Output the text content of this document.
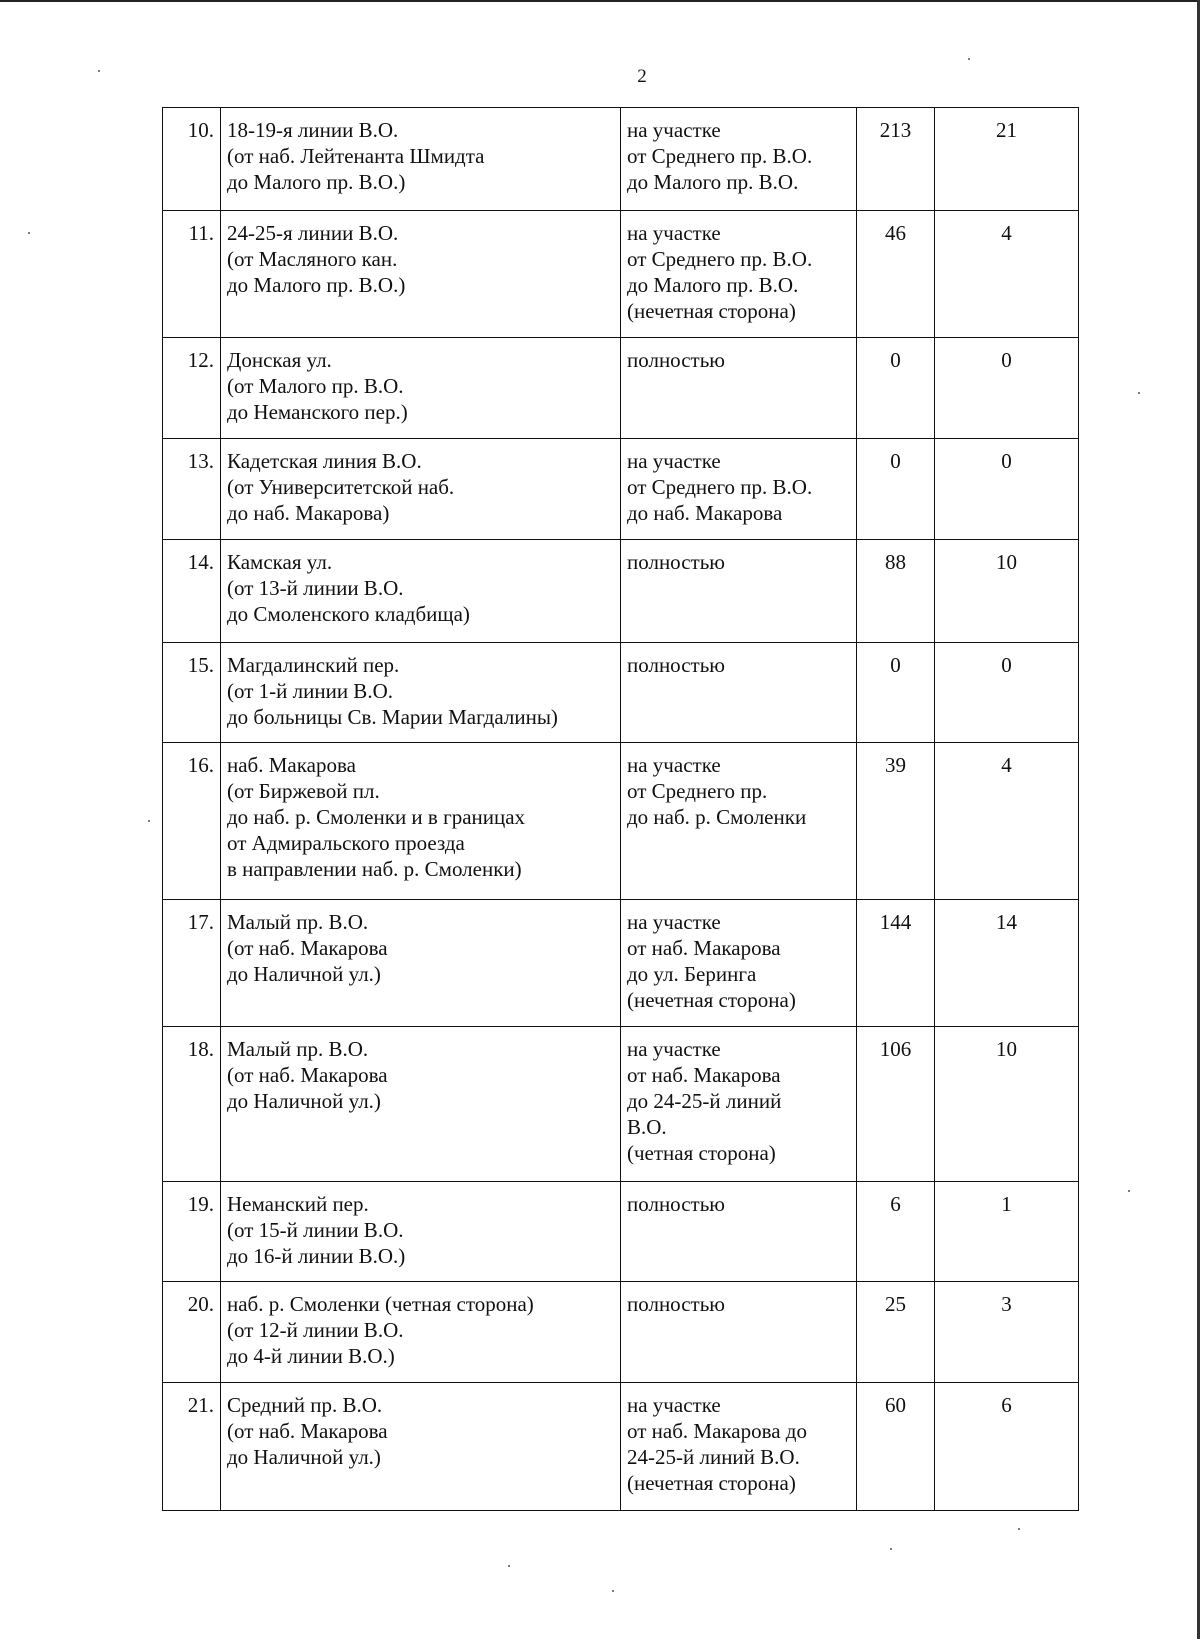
2
10.	18-19-я линии В.О.
(от наб. Лейтенанта Шмидта
до Малого пр. В.О.)	на участке
от Среднего пр. В.О.
до Малого пр. В.О.	213	21
11.	24-25-я линии В.О.
(от Масляного кан.
до Малого пр. В.О.)	на участке
от Среднего пр. В.О.
до Малого пр. В.О.
(нечетная сторона)	46	4
12.	Донская ул.
(от Малого пр. В.О.
до Неманского пер.)	полностью	0	0
13.	Кадетская линия В.О.
(от Университетской наб.
до наб. Макарова)	на участке
от Среднего пр. В.О.
до наб. Макарова	0	0
14.	Камская ул.
(от 13-й линии В.О.
до Смоленского кладбища)	полностью	88	10
15.	Магдалинский пер.
(от 1-й линии В.О.
до больницы Св. Марии Магдалины)	полностью	0	0
16.	наб. Макарова
(от Биржевой пл.
до наб. р. Смоленки и в границах
от Адмиральского проезда
в направлении наб. р. Смоленки)	на участке
от Среднего пр.
до наб. р. Смоленки	39	4
17.	Малый пр. В.О.
(от наб. Макарова
до Наличной ул.)	на участке
от наб. Макарова
до ул. Беринга
(нечетная сторона)	144	14
18.	Малый пр. В.О.
(от наб. Макарова
до Наличной ул.)	на участке
от наб. Макарова
до 24-25-й линий
В.О.
(четная сторона)	106	10
19.	Неманский пер.
(от 15-й линии В.О.
до 16-й линии В.О.)	полностью	6	1
20.	наб. р. Смоленки (четная сторона)
(от 12-й линии В.О.
до 4-й линии В.О.)	полностью	25	3
21.	Средний пр. В.О.
(от наб. Макарова
до Наличной ул.)	на участке
от наб. Макарова до
24-25-й линий В.О.
(нечетная сторона)	60	6
